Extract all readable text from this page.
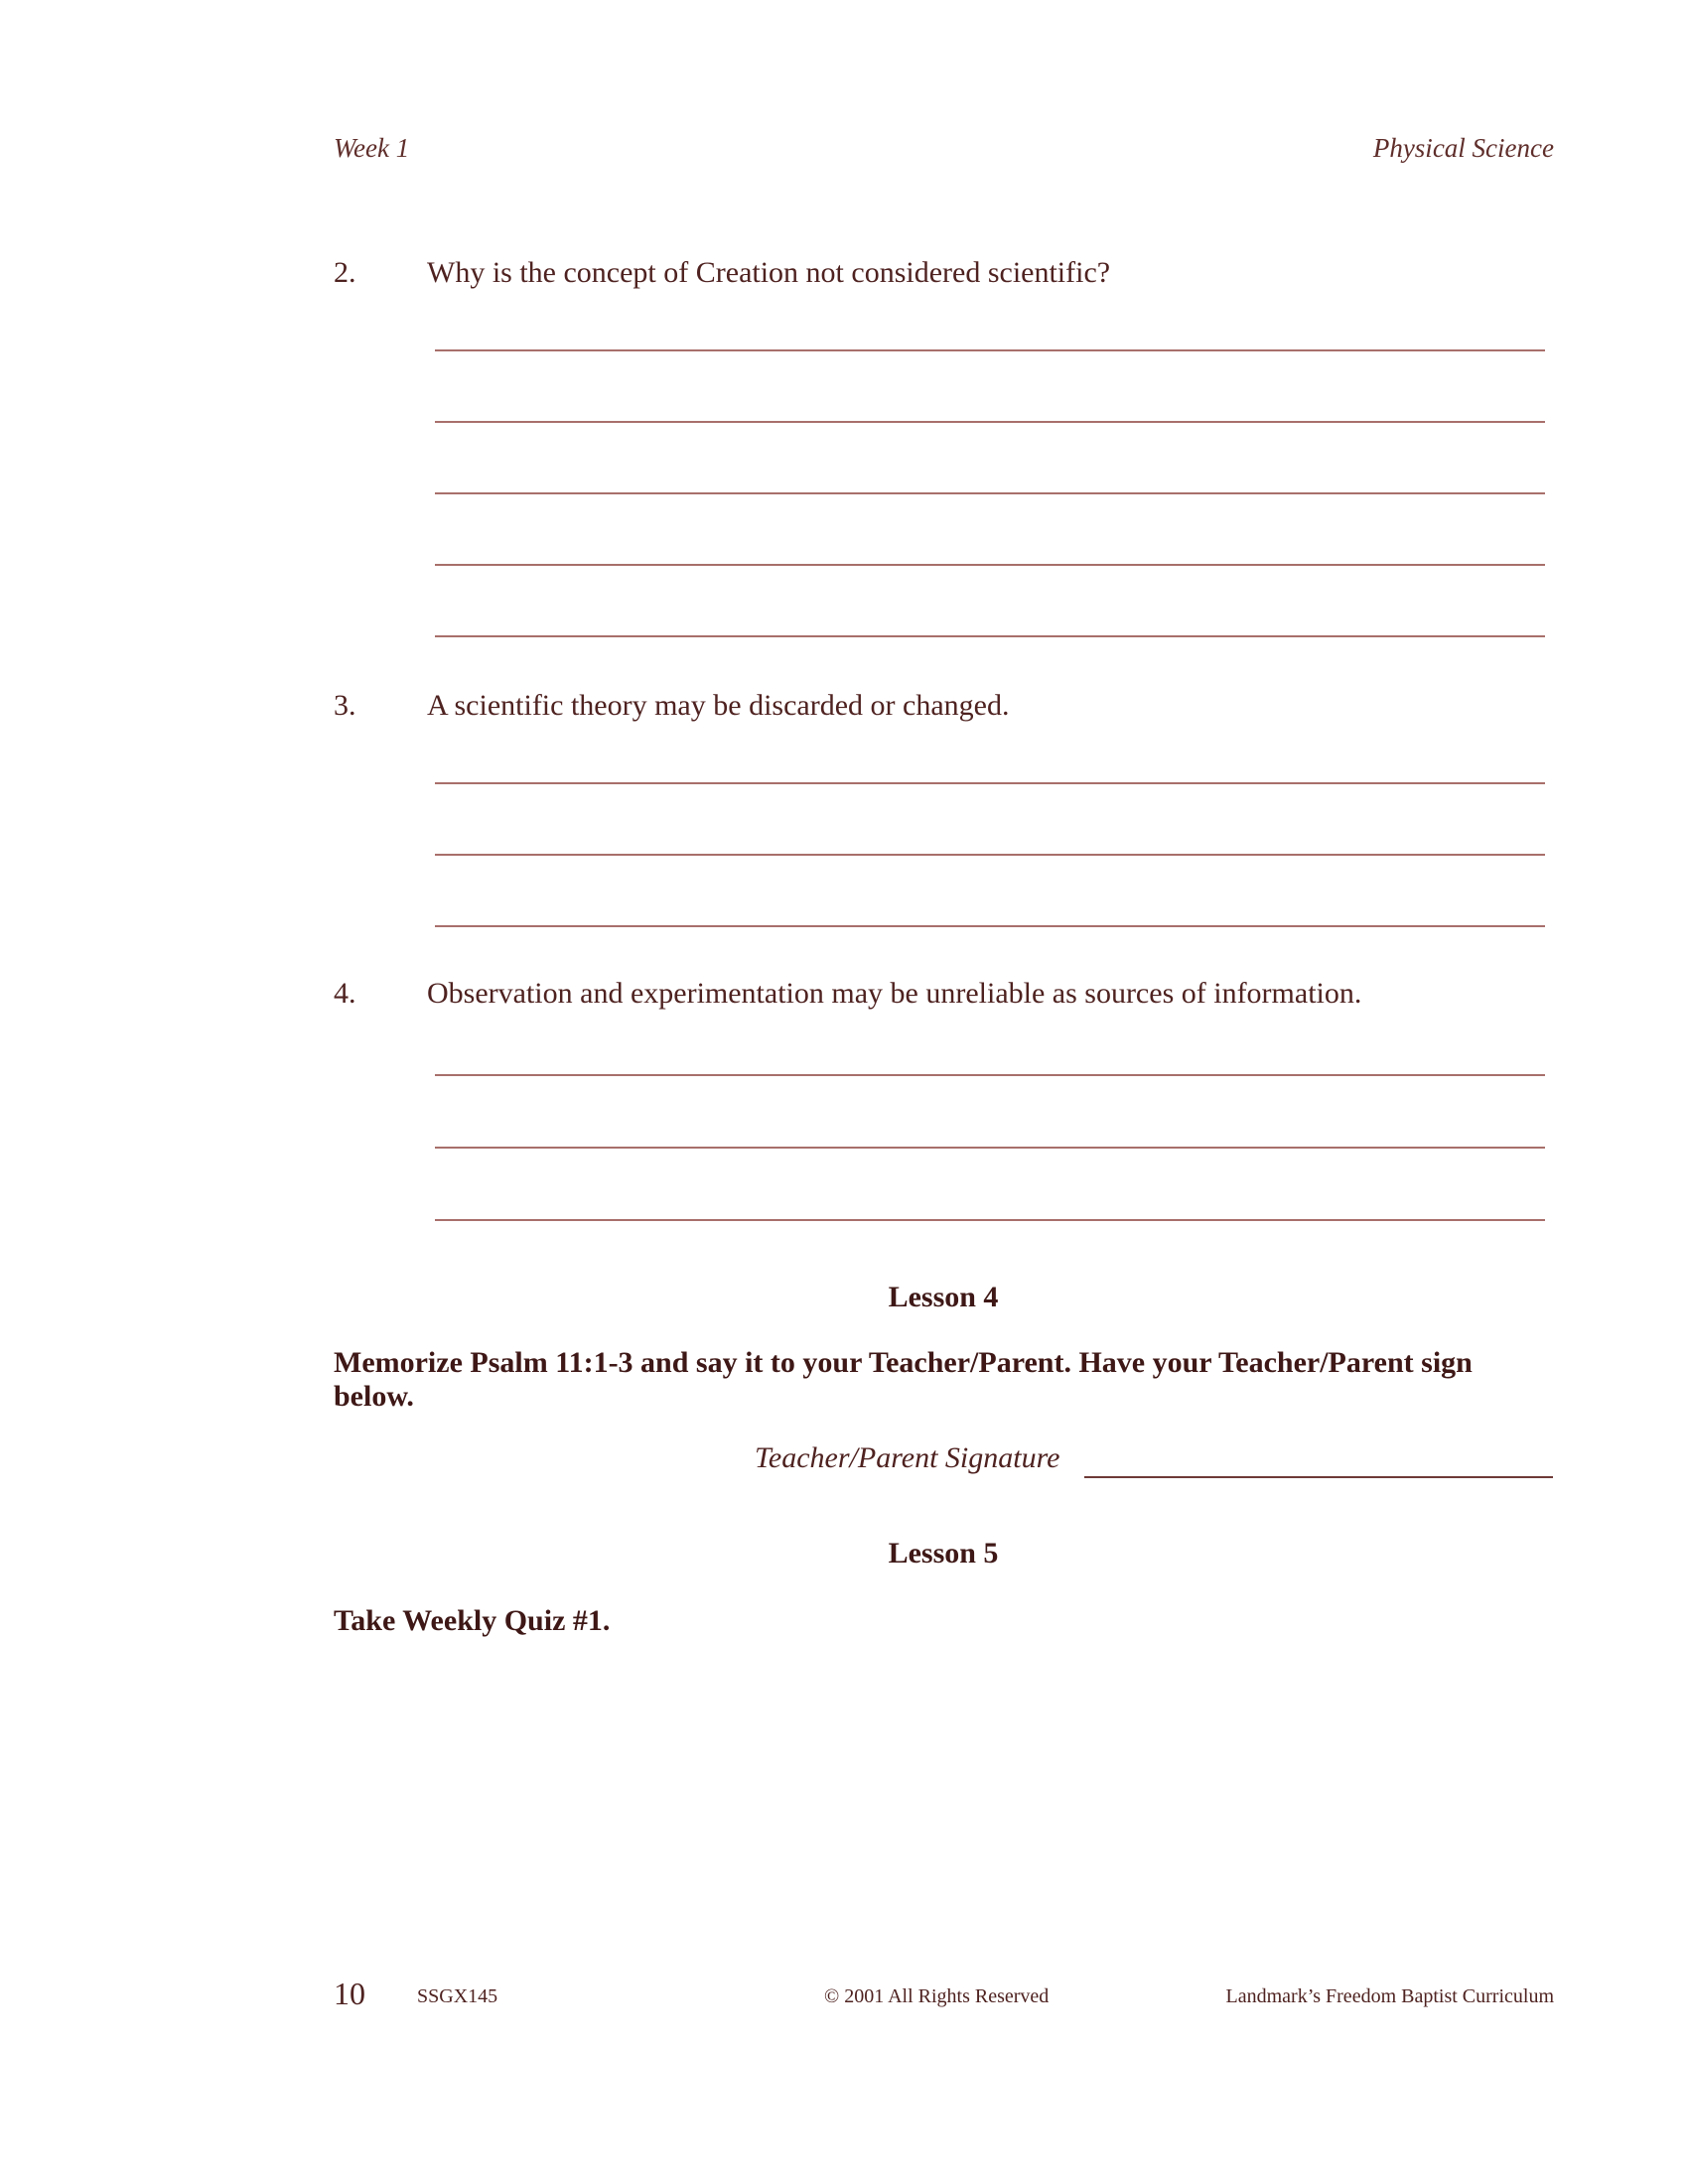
Week 1	Physical Science
2. Why is the concept of Creation not considered scientific?
3. A scientific theory may be discarded or changed.
4. Observation and experimentation may be unreliable as sources of information.
Lesson 4
Memorize Psalm 11:1-3 and say it to your Teacher/Parent. Have your Teacher/Parent sign below.
Teacher/Parent Signature
Lesson 5
Take Weekly Quiz #1.
10	SSGX145	© 2001 All Rights Reserved	Landmark’s Freedom Baptist Curriculum
